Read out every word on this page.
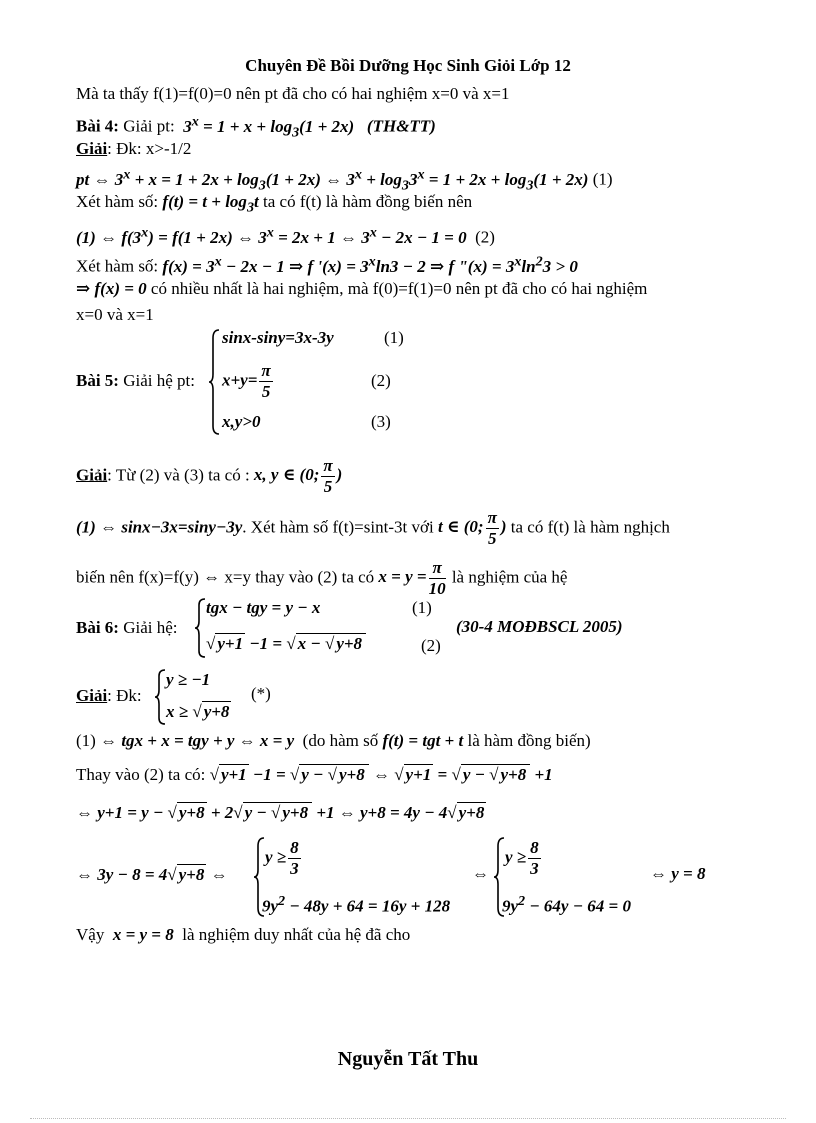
Chuyên Đề Bồi Dưỡng Học Sinh Giỏi Lớp 12
Mà ta thấy f(1)=f(0)=0 nên pt đã cho có hai nghiệm x=0 và x=1
Bài 4: Giải pt:  $3^x = 1 + x + \log_3(1 + 2x)$ (TH&TT)
Giải: Đk: x>-1/2
pt ⇔ $3^x + x = 1 + 2x + \log_3(1 + 2x)$ ⇔ $3^x + \log_33^x = 1 + 2x + \log_3(1 + 2x)$ (1)
Xét hàm số: $f(t) = t + \log_3t$ ta có f(t) là hàm đồng biến nên
(1) ⇔ $f(3^x) = f(1 + 2x)$ ⇔ $3^x = 2x + 1$ ⇔ $3^x - 2x - 1 = 0$ (2)
Xét hàm số: $f(x) = 3^x - 2x - 1$ ⇒ f '$(x) = 3^x\ln 3 - 2$ ⇒ f "$(x) = 3^x\ln^23 > 0$
⇒ f(x) = 0 có nhiều nhất là hai nghiệm, mà f(0)=f(1)=0 nên pt đã cho có hai nghiệm
x=0 và x=1
Bài 5: Giải hệ pt:
sinx-siny=3x-3y	(1)
$x+y= \frac{\pi}{5}$	(2)
x,y>0	(3)
Giải: Từ (2) và (3) ta có : x, y ∈ (0; $\frac{\pi}{5}$ )
(1) ⇔ sinx−3x=siny−3y. Xét hàm số f(t)=sint-3t với t ∈ (0; $\frac{\pi}{5}$ ) ta có f(t) là hàm nghịch
biến nên f(x)=f(y) ⇔ x=y thay vào (2) ta có $x = y = \frac{\pi}{10}$ là nghiệm của hệ
Bài 6: Giải hệ:
tgx − tgy = y − x	(1)
√ y+1 −1 = √ x − √ y+8	(2)
(30-4 MOĐBSCL 2005)
Giải: Đk:
y ≥ −1
x ≥ √ y+8
(*)
(1) ⇔ tgx + x = tgy + y ⇔ x = y (do hàm số f(t) = tgt + t là hàm đồng biến)
Thay vào (2) ta có: √ y+1 −1 = √ y − √ y+8 ⇔ √ y+1 = √ y − √ y+8 +1
⇔ y+1 = y − √ y+8 + 2√ y − √ y+8 +1 ⇔ y+8 = 4y − 4√ y+8
⇔ 3y − 8 = 4√ y+8 ⇔
$y \ge \frac{8}{3}$
$9y^2 - 48y + 64 = 16y + 128$
⇔
$y \ge \frac{8}{3}$
$9y^2 - 64y - 64 = 0$
⇔ y = 8
Vậy  x = y = 8  là nghiệm duy nhất của hệ đã cho
Nguyễn Tất Thu
